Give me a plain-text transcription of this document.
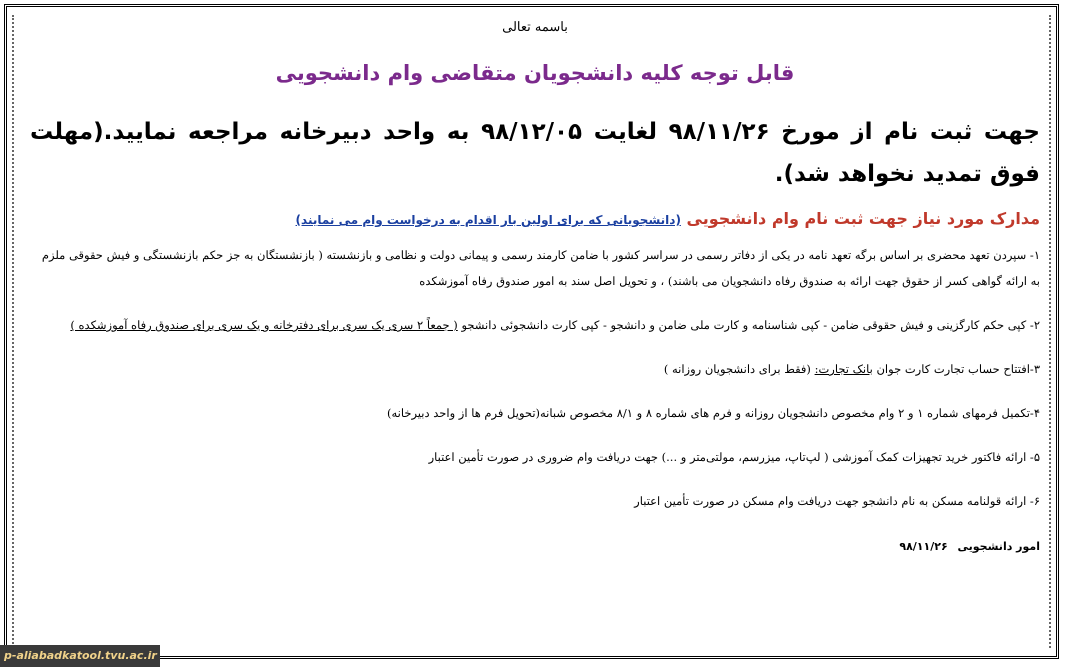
باسمه تعالی

قابل توجه کلیه دانشجویان متقاضی وام دانشجویی

جهت ثبت نام از مورخ ۹۸/۱۱/۲۶ لغایت ۹۸/۱۲/۰۵ به واحد دبیرخانه مراجعه نمایید.(مهلت فوق تمدید نخواهد شد).

مدارک مورد نیاز جهت ثبت نام وام دانشجویی (دانشجویانی که برای اولین بار اقدام به درخواست وام می نمایند)

۱- سپردن تعهد محضری بر اساس برگه تعهد نامه در یکی از دفاتر رسمی در سراسر کشور با ضامن کارمند رسمی و پیمانی دولت و نظامی و بازنشسته ( بازنشستگان به جز حکم بازنشستگی و فیش حقوقی ملزم به ارائه گواهی کسر از حقوق جهت ارائه به صندوق رفاه دانشجویان می باشند) ، و تحویل اصل سند به امور صندوق رفاه آموزشکده

۲- کپی حکم کارگزینی و فیش حقوقی ضامن - کپی شناسنامه و کارت ملی ضامن و دانشجو - کپی کارت دانشجوئی دانشجو ( جمعاً ۲ سری یک سری برای دفترخانه و یک سری برای صندوق رفاه آموزشکده )

۳-افتتاح حساب تجارت کارت جوان بانک تجارت: (فقط برای دانشجویان روزانه )

۴-تکمیل فرمهای شماره ۱ و ۲ وام مخصوص دانشجویان روزانه و فرم های شماره ۸ و ۸/۱ مخصوص شبانه(تحویل فرم ها از واحد دبیرخانه)

۵- ارائه فاکتور خرید تجهیزات کمک آموزشی ( لپ‌تاپ، میزرسم، مولتی‌متر و ...) جهت دریافت وام ضروری در صورت تأمین اعتبار

۶- ارائه قولنامه مسکن به نام دانشجو جهت دریافت وام مسکن در صورت تأمین اعتبار

امور دانشجویی ۹۸/۱۱/۲۶

p-aliabadkatool.tvu.ac.ir
